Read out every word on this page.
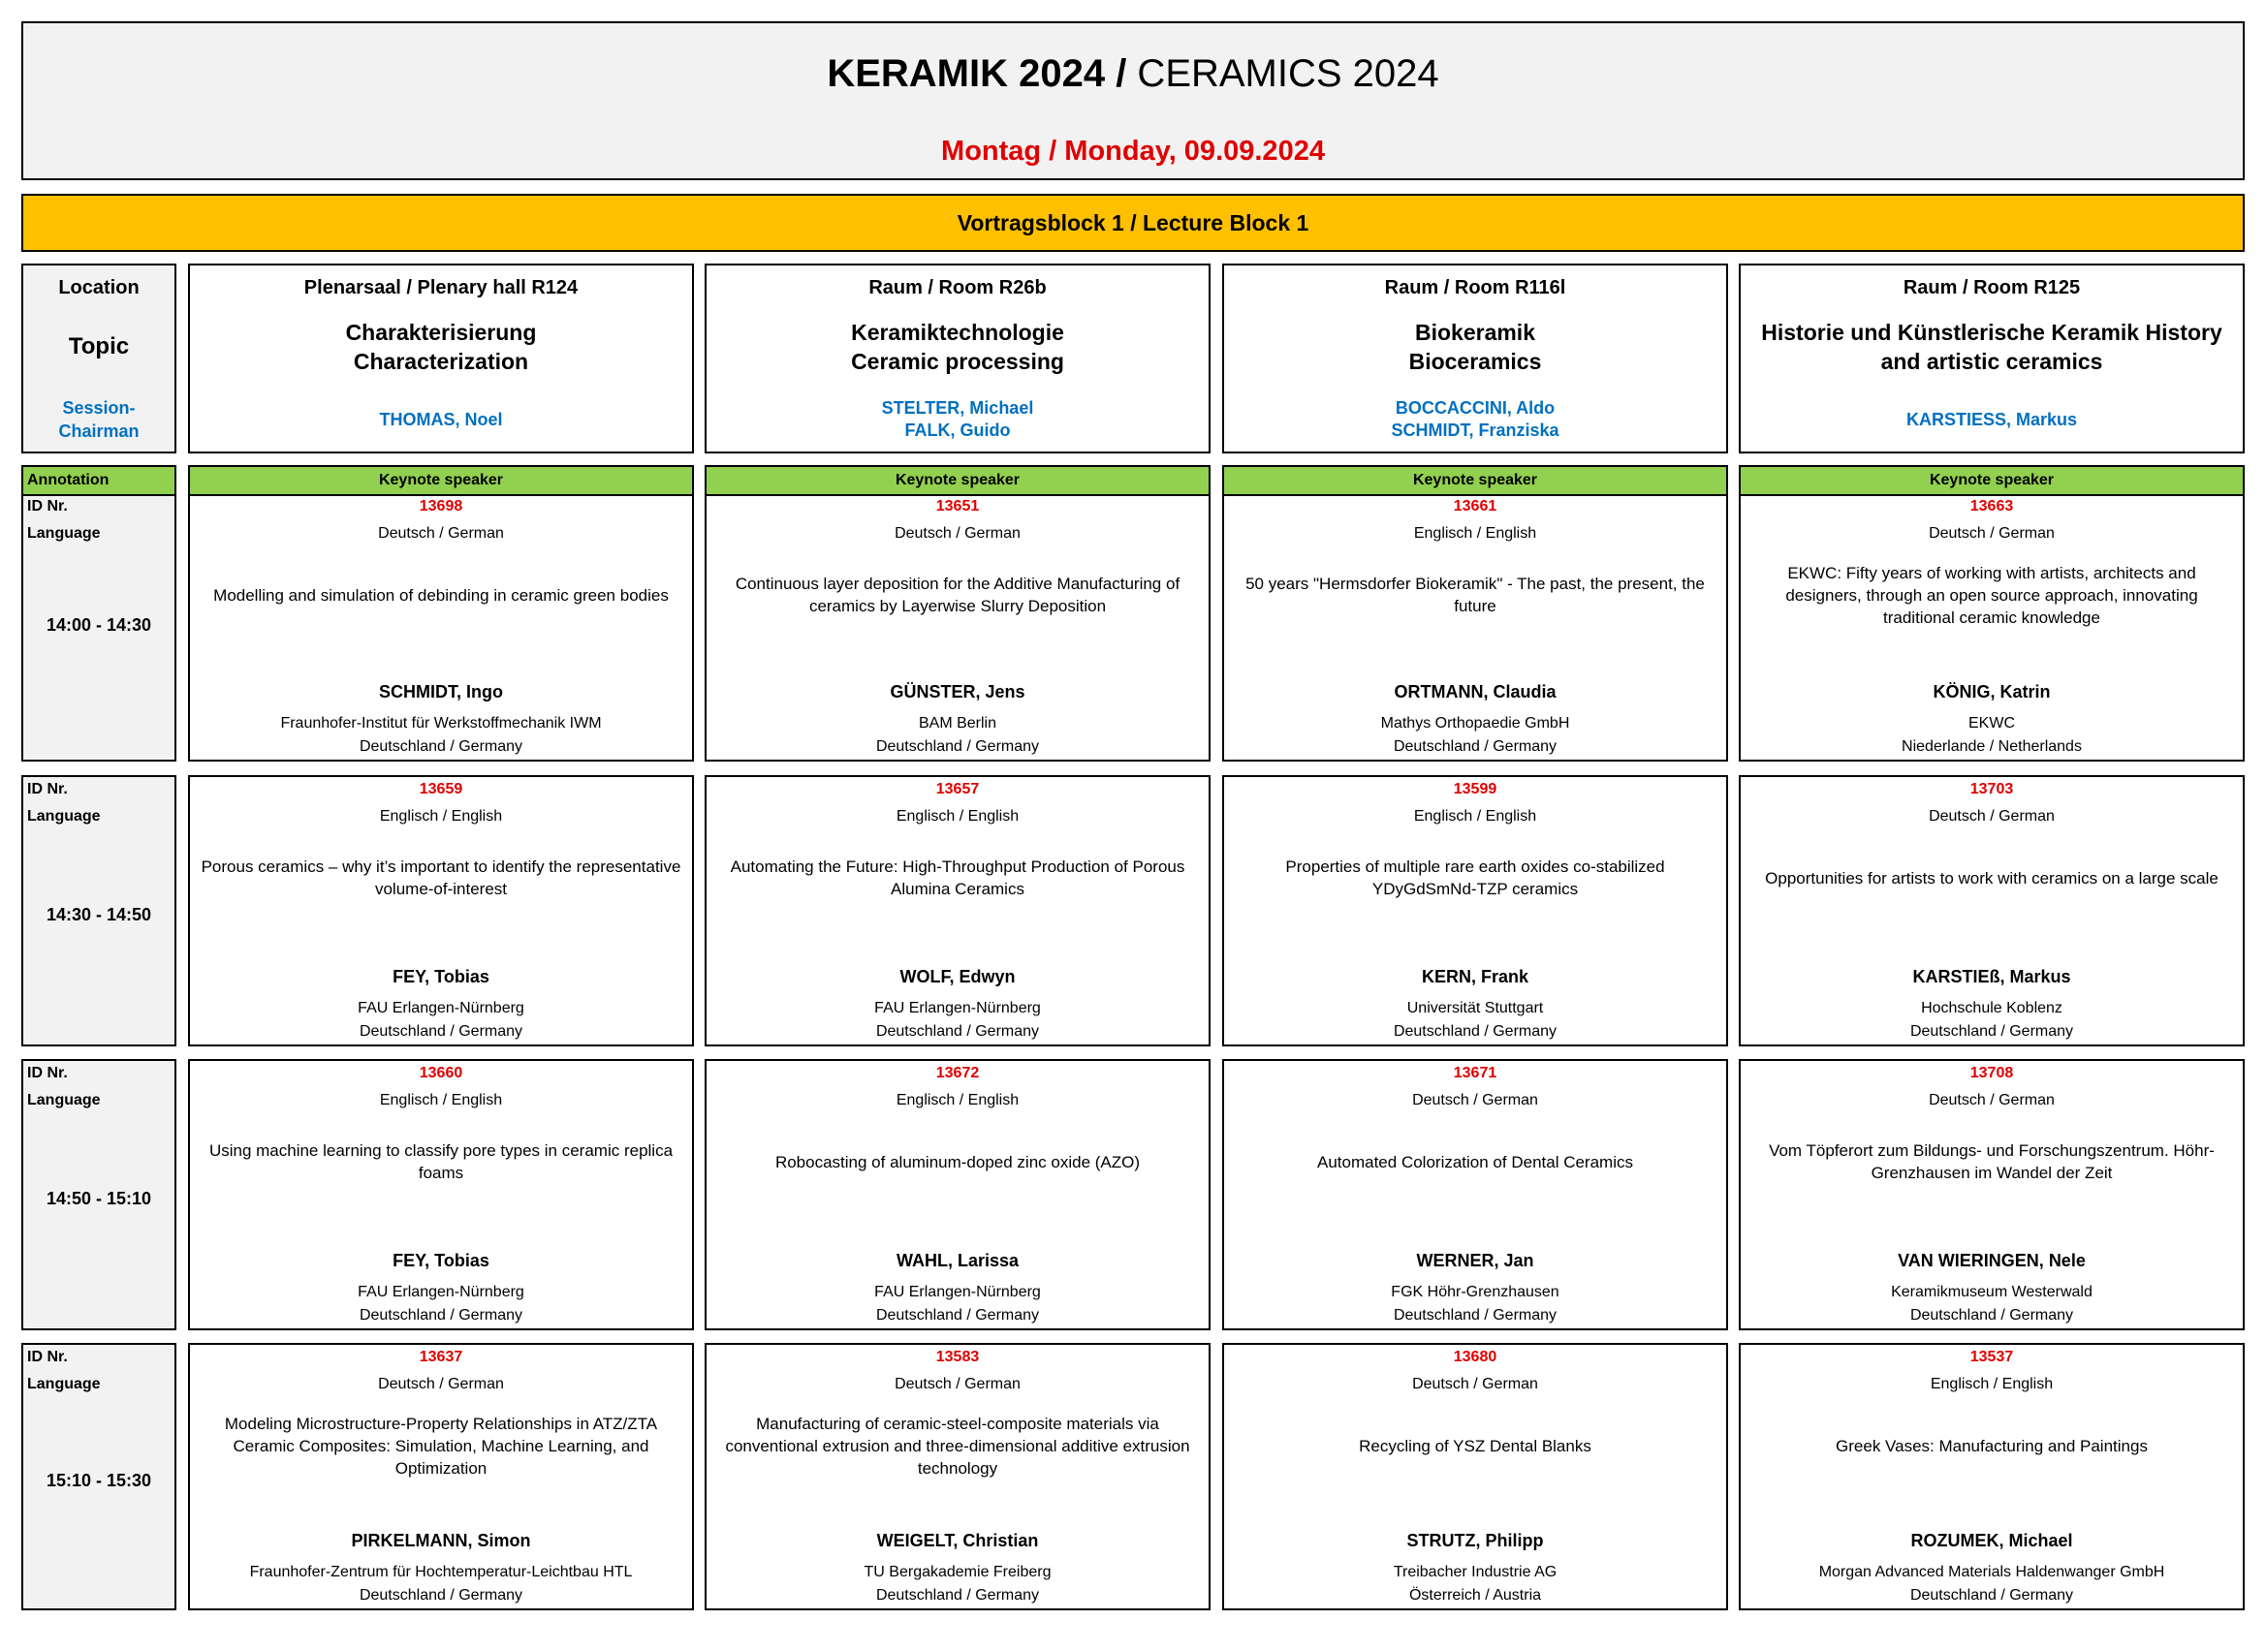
KERAMIK 2024 / CERAMICS 2024
Montag / Monday, 09.09.2024
Vortragsblock 1 / Lecture Block 1
Location
Topic
Session-
Chairman
Plenarsaal / Plenary hall R124
Charakterisierung
Characterization
THOMAS, Noel
Raum / Room R26b
Keramiktechnologie
Ceramic processing
STELTER, Michael
FALK, Guido
Raum / Room R116l
Biokeramik
Bioceramics
BOCCACCINI, Aldo
SCHMIDT, Franziska
Raum / Room R125
Historie und Künstlerische Keramik History
and artistic ceramics
KARSTIESS, Markus
Annotation
ID Nr.
Language
14:00 - 14:30
Keynote speaker
13698
Deutsch / German
Modelling and simulation of debinding in ceramic green bodies
SCHMIDT, Ingo
Fraunhofer-Institut für Werkstoffmechanik IWM
Deutschland / Germany
Keynote speaker
13651
Deutsch / German
Continuous layer deposition for the Additive Manufacturing of ceramics by Layerwise Slurry Deposition
GÜNSTER, Jens
BAM Berlin
Deutschland / Germany
Keynote speaker
13661
Englisch / English
50 years "Hermsdorfer Biokeramik" - The past, the present, the future
ORTMANN, Claudia
Mathys Orthopaedie GmbH
Deutschland / Germany
Keynote speaker
13663
Deutsch / German
EKWC: Fifty years of working with artists, architects and designers, through an open source approach, innovating traditional ceramic knowledge
KÖNIG, Katrin
EKWC
Niederlande / Netherlands
ID Nr.
Language
14:30 - 14:50
13659
Englisch / English
Porous ceramics – why it’s important to identify the representative volume-of-interest
FEY, Tobias
FAU Erlangen-Nürnberg
Deutschland / Germany
13657
Englisch / English
Automating the Future: High-Throughput Production of Porous Alumina Ceramics
WOLF, Edwyn
FAU Erlangen-Nürnberg
Deutschland / Germany
13599
Englisch / English
Properties of multiple rare earth oxides co-stabilized YDyGdSmNd-TZP ceramics
KERN, Frank
Universität Stuttgart
Deutschland / Germany
13703
Deutsch / German
Opportunities for artists to work with ceramics on a large scale
KARSTIEß, Markus
Hochschule Koblenz
Deutschland / Germany
ID Nr.
Language
14:50 - 15:10
13660
Englisch / English
Using machine learning to classify pore types in ceramic replica foams
FEY, Tobias
FAU Erlangen-Nürnberg
Deutschland / Germany
13672
Englisch / English
Robocasting of aluminum-doped zinc oxide (AZO)
WAHL, Larissa
FAU Erlangen-Nürnberg
Deutschland / Germany
13671
Deutsch / German
Automated Colorization of Dental Ceramics
WERNER, Jan
FGK Höhr-Grenzhausen
Deutschland / Germany
13708
Deutsch / German
Vom Töpferort zum Bildungs- und Forschungszentrum. Höhr-Grenzhausen im Wandel der Zeit
VAN WIERINGEN, Nele
Keramikmuseum Westerwald
Deutschland / Germany
ID Nr.
Language
15:10 - 15:30
13637
Deutsch / German
Modeling Microstructure-Property Relationships in ATZ/ZTA Ceramic Composites: Simulation, Machine Learning, and Optimization
PIRKELMANN, Simon
Fraunhofer-Zentrum für Hochtemperatur-Leichtbau HTL
Deutschland / Germany
13583
Deutsch / German
Manufacturing of ceramic-steel-composite materials via conventional extrusion and three-dimensional additive extrusion technology
WEIGELT, Christian
TU Bergakademie Freiberg
Deutschland / Germany
13680
Deutsch / German
Recycling of YSZ Dental Blanks
STRUTZ, Philipp
Treibacher Industrie AG
Österreich / Austria
13537
Englisch / English
Greek Vases: Manufacturing and Paintings
ROZUMEK, Michael
Morgan Advanced Materials Haldenwanger GmbH
Deutschland / Germany
